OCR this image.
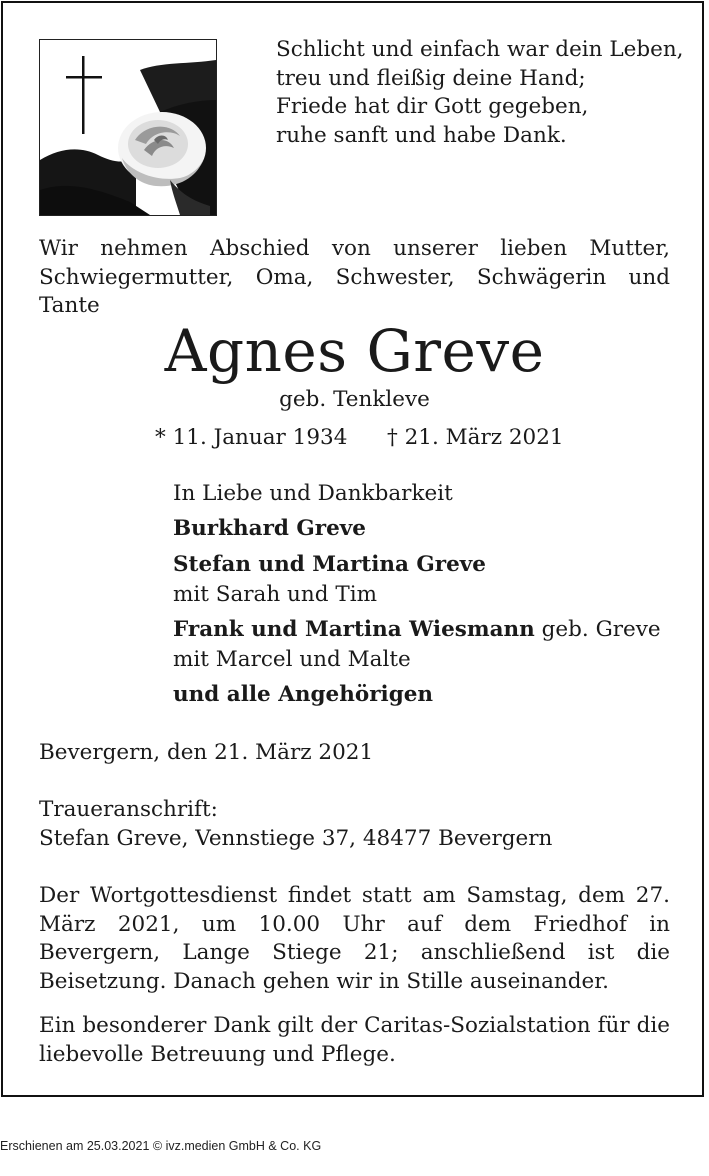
Schlicht und einfach war dein Leben,
treu und fleißig deine Hand;
Friede hat dir Gott gegeben,
ruhe sanft und habe Dank.
Wir nehmen Abschied von unserer lieben Mutter, Schwiegermutter, Oma, Schwester, Schwägerin und Tante
Agnes Greve
geb. Tenkleve
* 11. Januar 1934 † 21. März 2021
In Liebe und Dankbarkeit
Burkhard Greve
Stefan und Martina Greve
mit Sarah und Tim
Frank und Martina Wiesmann geb. Greve
mit Marcel und Malte
und alle Angehörigen
Bevergern, den 21. März 2021
Traueranschrift:
Stefan Greve, Vennstiege 37, 48477 Bevergern
Der Wortgottesdienst findet statt am Samstag, dem 27. März 2021, um 10.00 Uhr auf dem Friedhof in Bevergern, Lange Stiege 21; anschließend ist die Beisetzung. Danach gehen wir in Stille auseinander.
Ein besonderer Dank gilt der Caritas-Sozialstation für die liebevolle Betreuung und Pflege.
Erschienen am 25.03.2021 © ivz.medien GmbH & Co. KG
